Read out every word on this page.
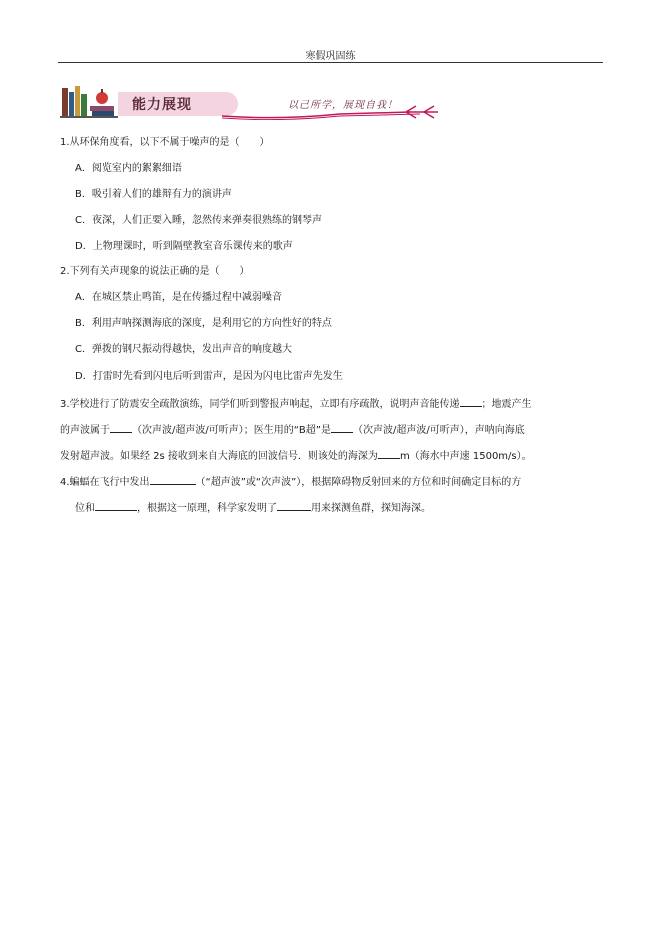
寒假巩固练
能力展现	以己所学，展现自我！
1.从环保角度看，以下不属于噪声的是（　　）
A．阅览室内的絮絮细语
B．吸引着人们的雄辩有力的演讲声
C．夜深，人们正要入睡，忽然传来弹奏很熟练的钢琴声
D．上物理课时，听到隔壁教室音乐课传来的歌声
2.下列有关声现象的说法正确的是（　　）
A．在城区禁止鸣笛，是在传播过程中减弱噪音
B．利用声呐探测海底的深度，是利用它的方向性好的特点
C．弹拨的钢尺振动得越快，发出声音的响度越大
D．打雷时先看到闪电后听到雷声，是因为闪电比雷声先发生
3.学校进行了防震安全疏散演练，同学们听到警报声响起，立即有序疏散，说明声音能传递 ；地震产生
的声波属于 （次声波/超声波/可听声）；医生用的“B超”是 （次声波/超声波/可听声），声呐向海底
发射超声波。如果经 2s 接收到来自大海底的回波信号．则该处的海深为 m（海水中声速 1500m/s）。
4.蝙蝠在飞行中发出	（“超声波”或“次声波”），根据障碍物反射回来的方位和时间确定目标的方
位和	，根据这一原理，科学家发明了	用来探测鱼群，探知海深。
